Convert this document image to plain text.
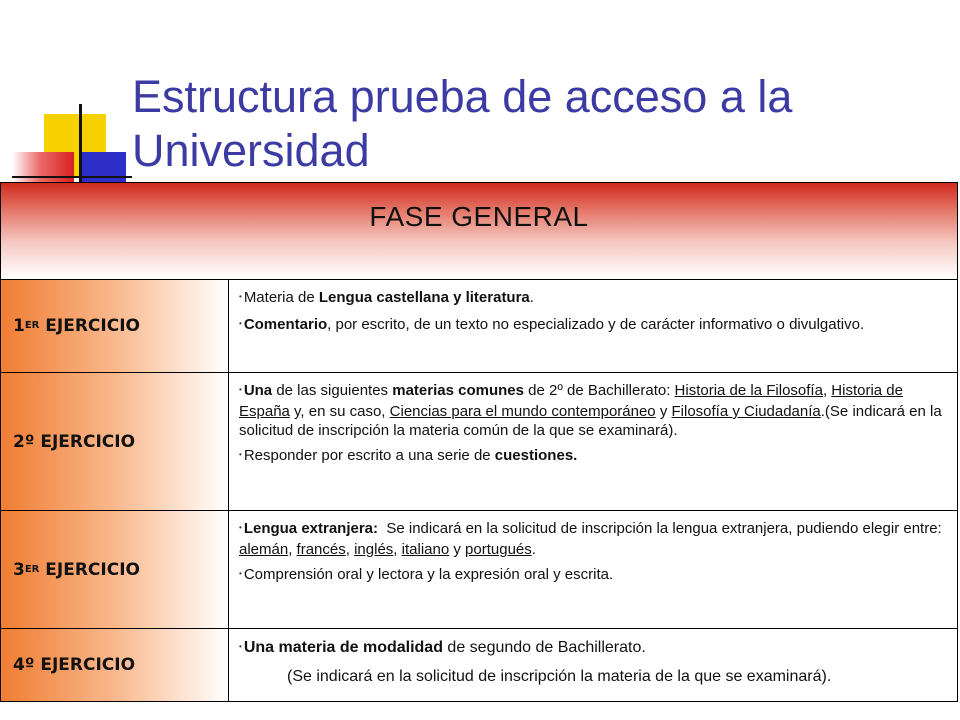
Estructura prueba de acceso a la Universidad
FASE GENERAL
1 ER EJERCICIO

• Materia de Lengua castellana y literatura.

• Comentario, por escrito, de un texto no especializado y de carácter informativo o divulgativo.

2º EJERCICIO

• Una de las siguientes materias comunes de 2º de Bachillerato: Historia de la Filosofía, Historia de España y, en su caso, Ciencias para el mundo contemporáneo y Filosofía y Ciudadanía.(Se indicará en la solicitud de inscripción la materia común de la que se examinará).

• Responder por escrito a una serie de cuestiones.

3 ER EJERCICIO

• Lengua extranjera:  Se indicará en la solicitud de inscripción la lengua extranjera, pudiendo elegir entre: alemán, francés, inglés, italiano y portugués.

• Comprensión oral y lectora y la expresión oral y escrita.

4º EJERCICIO

• Una materia de modalidad de segundo de Bachillerato.

(Se indicará en la solicitud de inscripción la materia de la que se examinará).
